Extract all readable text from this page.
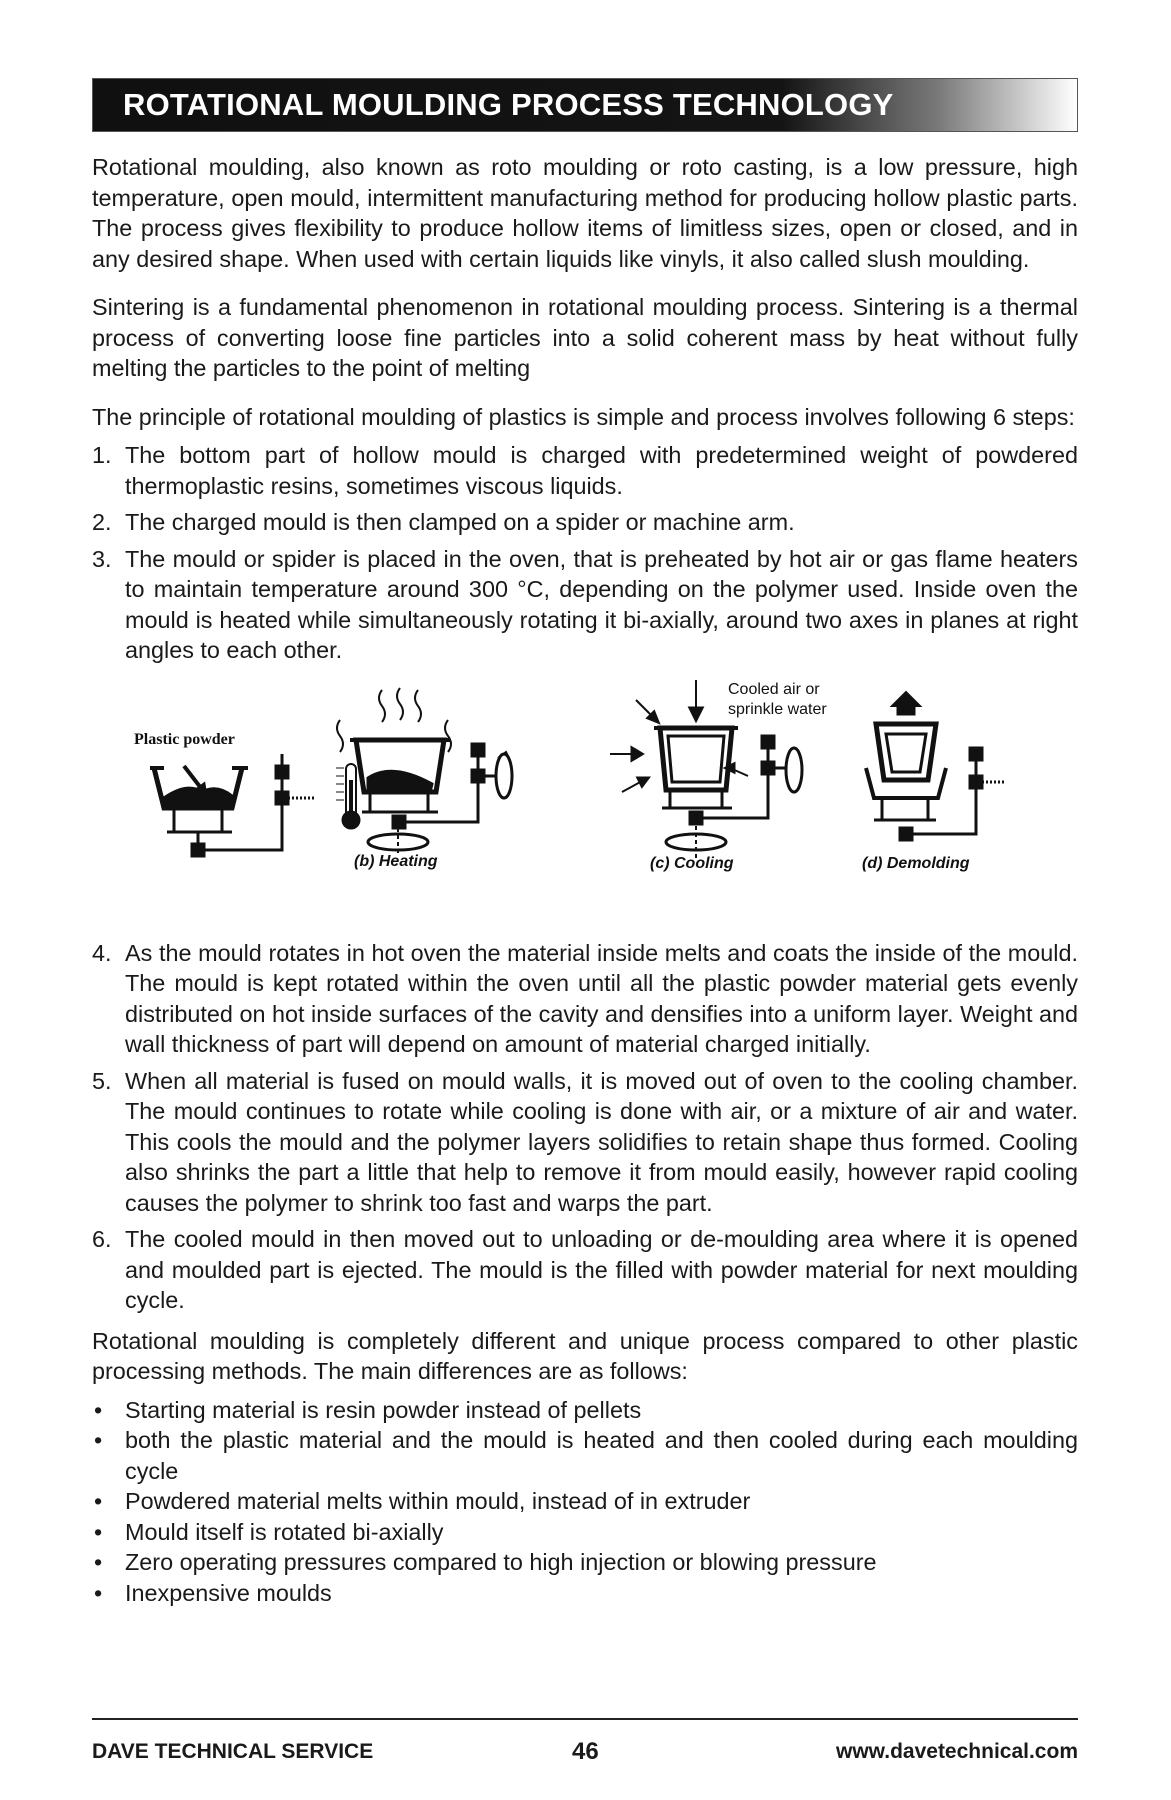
ROTATIONAL MOULDING PROCESS TECHNOLOGY

Rotational moulding, also known as roto moulding or roto casting, is a low pressure, high temperature, open mould, intermittent manufacturing method for producing hollow plastic parts. The process gives flexibility to produce hollow items of limitless sizes, open or closed, and in any desired shape. When used with certain liquids like vinyls, it also called slush moulding.

Sintering is a fundamental phenomenon in rotational moulding process. Sintering is a thermal process of converting loose fine particles into a solid coherent mass by heat without fully melting the particles to the point of melting

The principle of rotational moulding of plastics is simple and process involves following 6 steps:

1. The bottom part of hollow mould is charged with predetermined weight of powdered thermoplastic resins, sometimes viscous liquids.
2. The charged mould is then clamped on a spider or machine arm.
3. The mould or spider is placed in the oven, that is preheated by hot air or gas flame heaters to maintain temperature around 300 °C, depending on the polymer used. Inside oven the mould is heated while simultaneously rotating it bi-axially, around two axes in planes at right angles to each other.
Plastic powder
Cooled air or
sprinkle water
(b) Heating	(c) Cooling	(d) Demolding
4. As the mould rotates in hot oven the material inside melts and coats the inside of the mould. The mould is kept rotated within the oven until all the plastic powder material gets evenly distributed on hot inside surfaces of the cavity and densifies into a uniform layer. Weight and wall thickness of part will depend on amount of material charged initially.
5. When all material is fused on mould walls, it is moved out of oven to the cooling chamber. The mould continues to rotate while cooling is done with air, or a mixture of air and water. This cools the mould and the polymer layers solidifies to retain shape thus formed. Cooling also shrinks the part a little that help to remove it from mould easily, however rapid cooling causes the polymer to shrink too fast and warps the part.
6. The cooled mould in then moved out to unloading or de-moulding area where it is opened and moulded part is ejected. The mould is the filled with powder material for next moulding cycle.

Rotational moulding is completely different and unique process compared to other plastic processing methods. The main differences are as follows:

• Starting material is resin powder instead of pellets
• both the plastic material and the mould is heated and then cooled during each moulding cycle
• Powdered material melts within mould, instead of in extruder
• Mould itself is rotated bi-axially
• Zero operating pressures compared to high injection or blowing pressure
• Inexpensive moulds
DAVE TECHNICAL SERVICE	46	www.davetechnical.com
